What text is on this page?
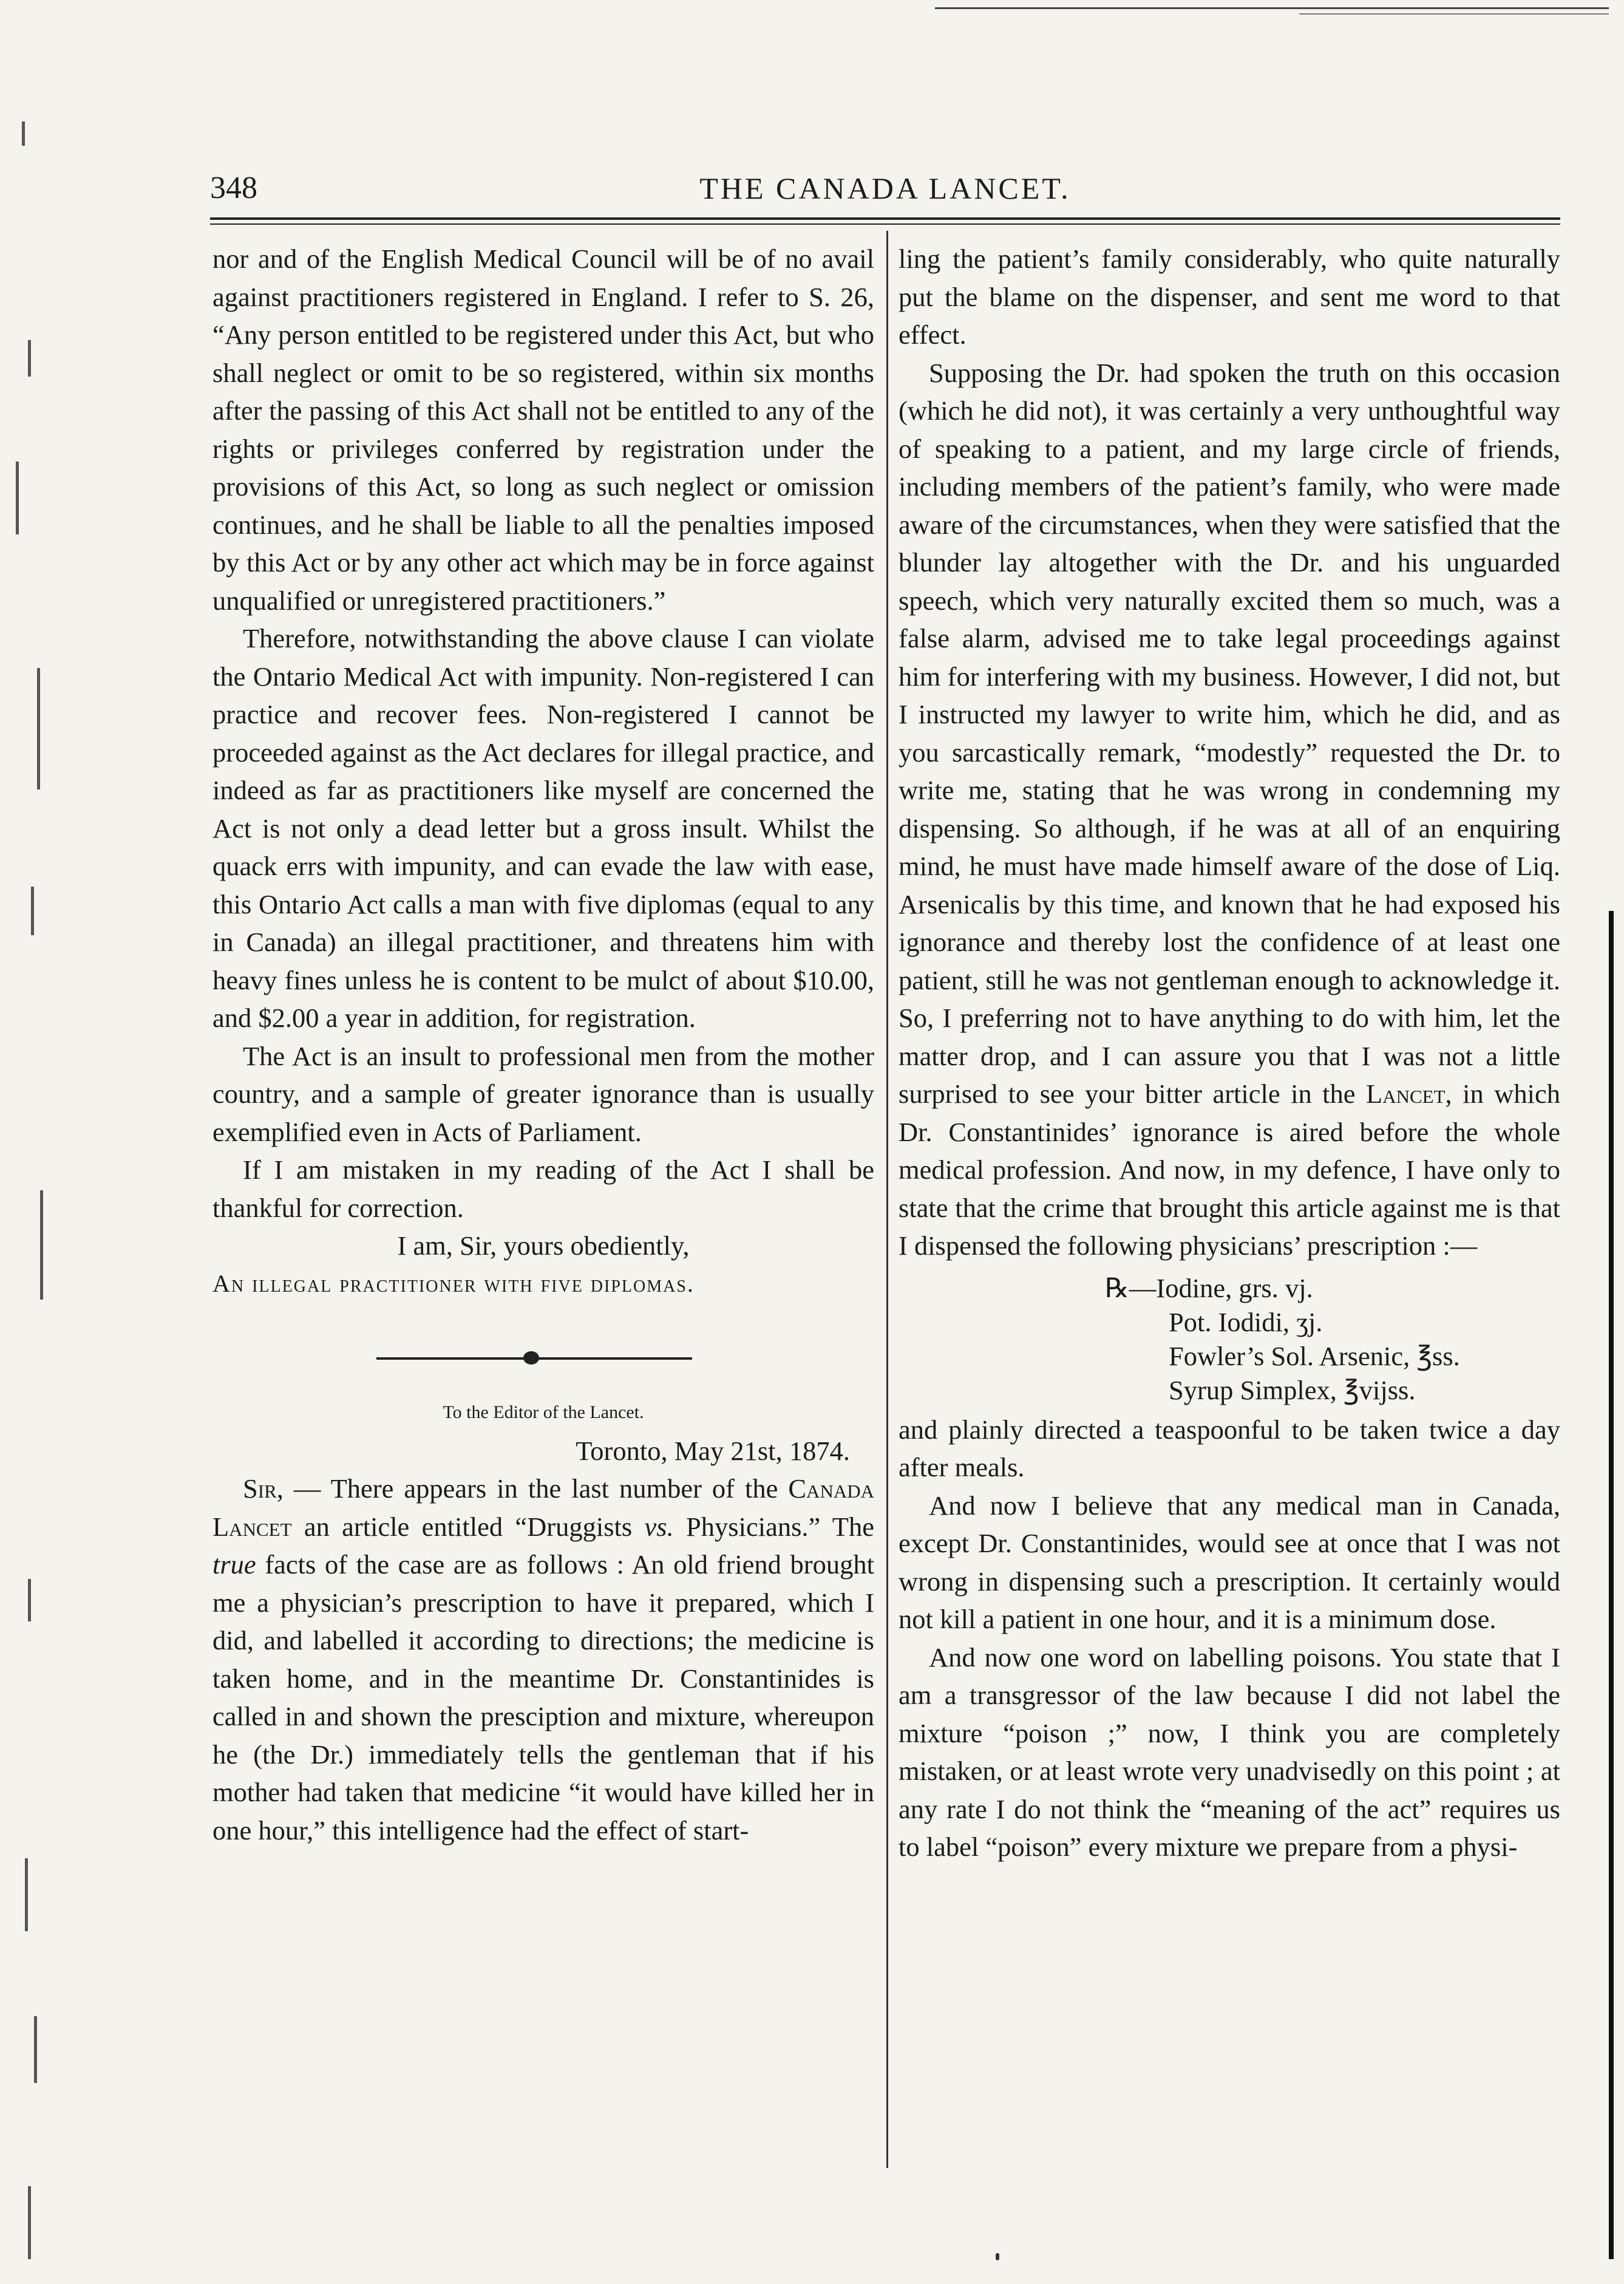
348	THE CANADA LANCET.

nor and of the English Medical Council will be of no avail against practitioners registered in England. I refer to S. 26, “Any person entitled to be registered under this Act, but who shall neglect or omit to be so registered, within six months after the passing of this Act shall not be entitled to any of the rights or privileges conferred by registration under the provisions of this Act, so long as such neglect or omission continues, and he shall be liable to all the penalties imposed by this Act or by any other act which may be in force against unqualified or unregistered practitioners.”

Therefore, notwithstanding the above clause I can violate the Ontario Medical Act with impunity. Non-registered I can practice and recover fees. Non-registered I cannot be proceeded against as the Act declares for illegal practice, and indeed as far as practitioners like myself are concerned the Act is not only a dead letter but a gross insult. Whilst the quack errs with impunity, and can evade the law with ease, this Ontario Act calls a man with five diplomas (equal to any in Canada) an illegal practitioner, and threatens him with heavy fines unless he is content to be mulct of about $10.00, and $2.00 a year in addition, for registration.

The Act is an insult to professional men from the mother country, and a sample of greater ignorance than is usually exemplified even in Acts of Parliament.

If I am mistaken in my reading of the Act I shall be thankful for correction.

I am, Sir, yours obediently,

An illegal practitioner with five diplomas.

To the Editor of the Lancet.

Toronto, May 21st, 1874.

Sir, — There appears in the last number of the Canada Lancet an article entitled “Druggists vs. Physicians.” The true facts of the case are as follows : An old friend brought me a physician’s prescription to have it prepared, which I did, and labelled it according to directions; the medicine is taken home, and in the meantime Dr. Constantinides is called in and shown the presciption and mixture, whereupon he (the Dr.) immediately tells the gentleman that if his mother had taken that medicine “it would have killed her in one hour,” this intelligence had the effect of start-

ling the patient’s family considerably, who quite naturally put the blame on the dispenser, and sent me word to that effect.

Supposing the Dr. had spoken the truth on this occasion (which he did not), it was certainly a very unthoughtful way of speaking to a patient, and my large circle of friends, including members of the patient’s family, who were made aware of the circumstances, when they were satisfied that the blunder lay altogether with the Dr. and his unguarded speech, which very naturally excited them so much, was a false alarm, advised me to take legal proceedings against him for interfering with my business. However, I did not, but I instructed my lawyer to write him, which he did, and as you sarcastically remark, “modestly” requested the Dr. to write me, stating that he was wrong in condemning my dispensing. So although, if he was at all of an enquiring mind, he must have made himself aware of the dose of Liq. Arsenicalis by this time, and known that he had exposed his ignorance and thereby lost the confidence of at least one patient, still he was not gentleman enough to acknowledge it. So, I preferring not to have anything to do with him, let the matter drop, and I can assure you that I was not a little surprised to see your bitter article in the Lancet, in which Dr. Constantinides’ ignorance is aired before the whole medical profession. And now, in my defence, I have only to state that the crime that brought this article against me is that I dispensed the following physicians’ prescription :—

℞—Iodine, grs. vj.
Pot. Iodidi, ʒj.
Fowler’s Sol. Arsenic, ℥ss.
Syrup Simplex, ℥vijss.

and plainly directed a teaspoonful to be taken twice a day after meals.

And now I believe that any medical man in Canada, except Dr. Constantinides, would see at once that I was not wrong in dispensing such a prescription. It certainly would not kill a patient in one hour, and it is a minimum dose.

And now one word on labelling poisons. You state that I am a transgressor of the law because I did not label the mixture “poison ;” now, I think you are completely mistaken, or at least wrote very unadvisedly on this point ; at any rate I do not think the “meaning of the act” requires us to label “poison” every mixture we prepare from a physi-
